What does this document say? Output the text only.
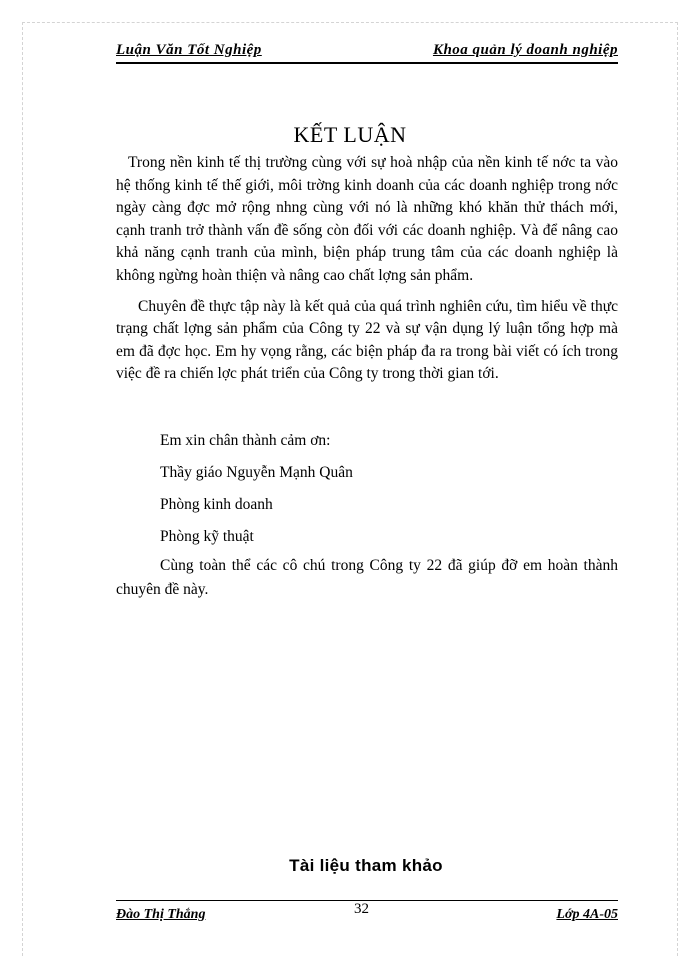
Luận Văn Tốt Nghiệp	Khoa quản lý doanh nghiệp
KẾT LUẬN

Trong nền kinh tế thị trường cùng với sự hoà nhập của nền kinh tế nớc ta vào hệ thống kinh tế thế giới, môi trờng kinh doanh của các doanh nghiệp trong nớc ngày càng đợc mở rộng nhng cùng với nó là những khó khăn thử thách mới, cạnh tranh trở thành vấn đề sống còn đối với các doanh nghiệp. Và để nâng cao khả năng cạnh tranh của mình, biện pháp trung tâm của các doanh nghiệp là không ngừng hoàn thiện và nâng cao chất lợng sản phẩm.

Chuyên đề thực tập này là kết quả của quá trình nghiên cứu, tìm hiểu về thực trạng chất lợng sản phẩm của Công ty 22 và sự vận dụng lý luận tổng hợp mà em đã đợc học. Em hy vọng rằng, các biện pháp đa ra trong bài viết có ích trong việc đề ra chiến lợc phát triển của Công ty trong thời gian tới.

Em xin chân thành cảm ơn:
Thầy giáo Nguyễn Mạnh Quân
Phòng kinh doanh
Phòng kỹ thuật
Cùng toàn thể các cô chú trong Công ty 22 đã giúp đỡ em hoàn thành chuyên đề này.
Tài liệu tham khảo
Đào Thị Thắng	32	Lớp 4A-05
